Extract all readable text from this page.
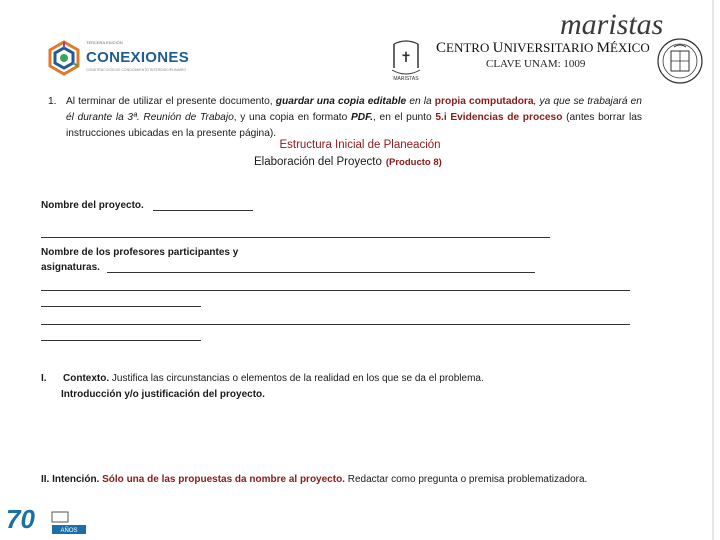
maristas
TERCERA EDICIÓN
CONEXIONES
CONSTRUCCIÓN DE CONOCIMIENTO INTERDISCIPLINARIO
✝
MARISTAS
CENTRO UNIVERSITARIO MÉXICO
CLAVE UNAM: 1009
1. Al terminar de utilizar el presente documento, guardar una copia editable en la propia computadora, ya que se trabajará en él durante la 3ª. Reunión de Trabajo, y una copia en formato PDF., en el punto 5.i Evidencias de proceso (antes borrar las instrucciones ubicadas en la presente página).
Estructura Inicial de Planeación
Elaboración del Proyecto (Producto 8)
Nombre del proyecto.
Nombre de los profesores participantes y
asignaturas.
I. Contexto. Justifica las circunstancias o elementos de la realidad en los que se da el problema.
Introducción y/o justificación del proyecto.
II. Intención. Sólo una de las propuestas da nombre al proyecto. Redactar como pregunta o premisa problematizadora.
70	AÑOS
